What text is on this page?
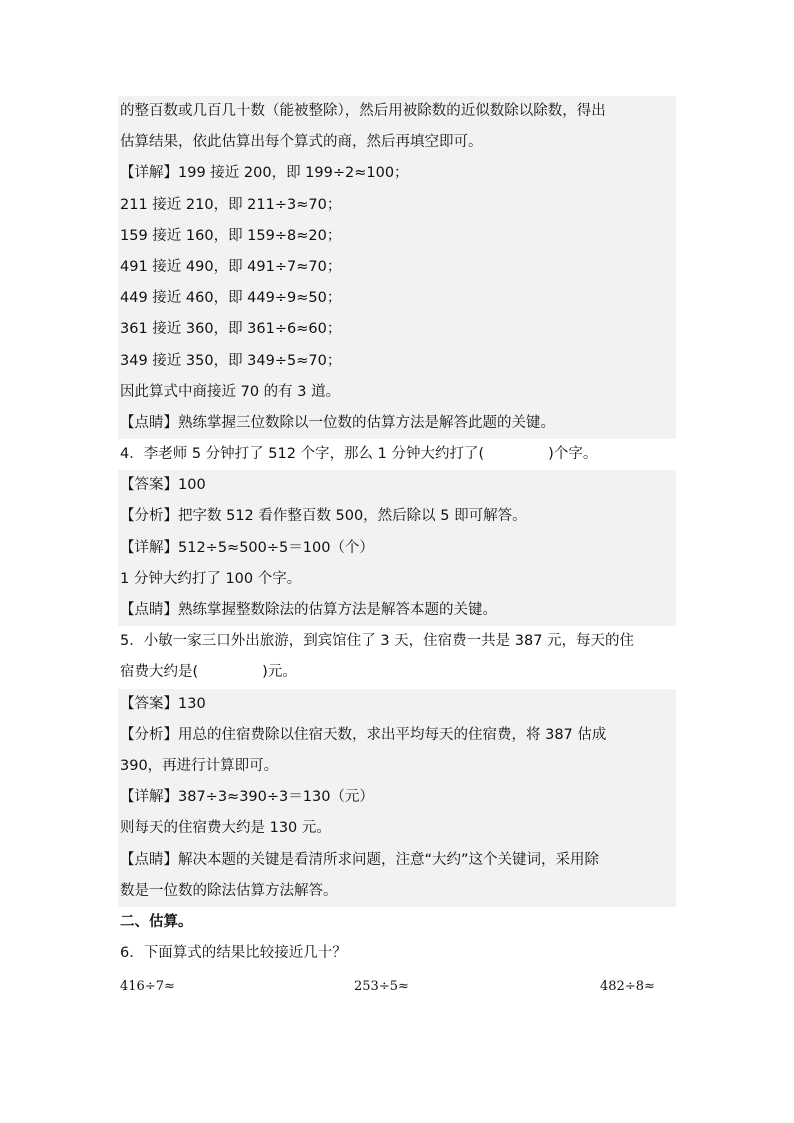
的整百数或几百几十数（能被整除），然后用被除数的近似数除以除数，得出
估算结果，依此估算出每个算式的商，然后再填空即可。
【详解】199 接近 200，即 199÷2≈100；
211 接近 210，即 211÷3≈70；
159 接近 160，即 159÷8≈20；
491 接近 490，即 491÷7≈70；
449 接近 460，即 449÷9≈50；
361 接近 360，即 361÷6≈60；
349 接近 350，即 349÷5≈70；
因此算式中商接近 70 的有 3 道。
【点睛】熟练掌握三位数除以一位数的估算方法是解答此题的关键。
4．李老师 5 分钟打了 512 个字，那么 1 分钟大约打了(	)个字。
【答案】100
【分析】把字数 512 看作整百数 500，然后除以 5 即可解答。
【详解】512÷5≈500÷5＝100（个）
1 分钟大约打了 100 个字。
【点睛】熟练掌握整数除法的估算方法是解答本题的关键。
5．小敏一家三口外出旅游，到宾馆住了 3 天，住宿费一共是 387 元，每天的住
宿费大约是(	)元。
【答案】130
【分析】用总的住宿费除以住宿天数，求出平均每天的住宿费，将 387 估成
390，再进行计算即可。
【详解】387÷3≈390÷3＝130（元）
则每天的住宿费大约是 130 元。
【点睛】解决本题的关键是看清所求问题，注意“大约”这个关键词，采用除
数是一位数的除法估算方法解答。
二、估算。
6．下面算式的结果比较接近几十？
416÷7≈	253÷5≈	482÷8≈
